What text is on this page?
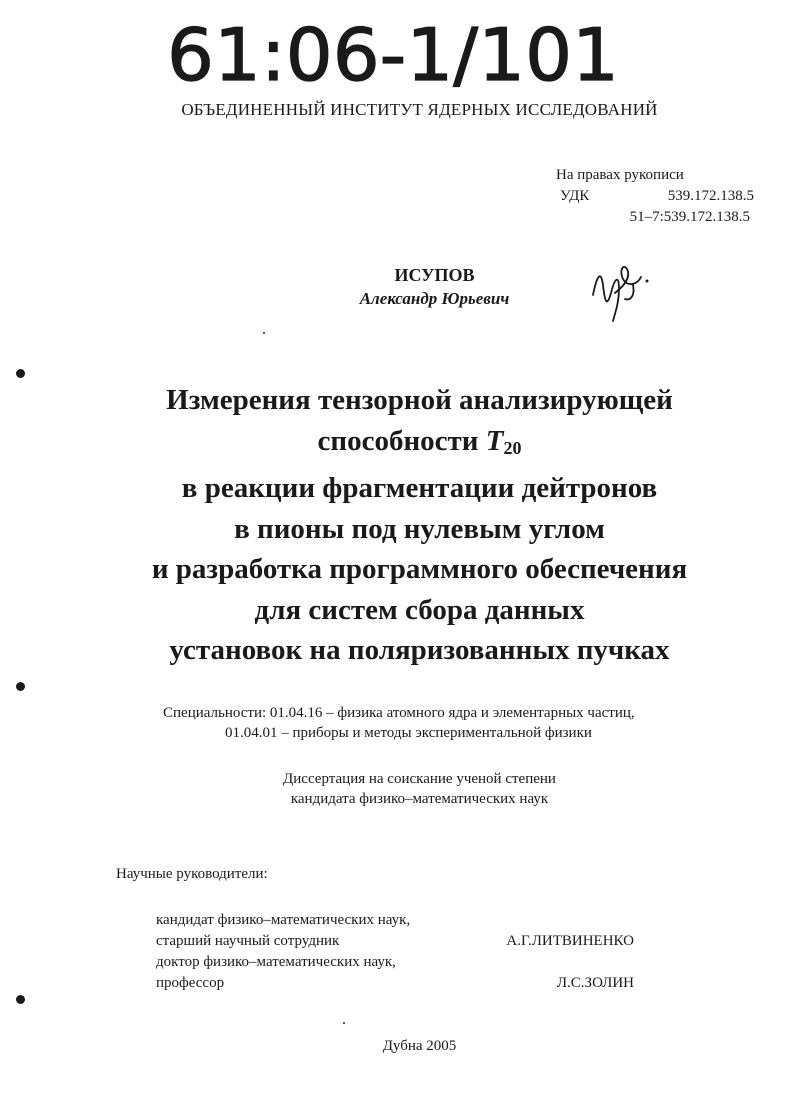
61:06-1/101
ОБЪЕДИНЕННЫЙ ИНСТИТУТ ЯДЕРНЫХ ИССЛЕДОВАНИЙ
На правах рукописи
УДК	539.172.138.5
51–7:539.172.138.5
ИСУПОВ
Александр Юрьевич
Измерения тензорной анализирующей
способности $T_{20}$
в реакции фрагментации дейтронов
в пионы под нулевым углом
и разработка программного обеспечения
для систем сбора данных
установок на поляризованных пучках
Специальности: 01.04.16 – физика атомного ядра и элементарных частиц,
01.04.01 – приборы и методы экспериментальной физики
Диссертация на соискание ученой степени
кандидата физико–математических наук
Научные руководители:
кандидат физико–математических наук,
старший научный сотрудник	А.Г.ЛИТВИНЕНКО
доктор физико–математических наук,
профессор	Л.С.ЗОЛИН
Дубна 2005
